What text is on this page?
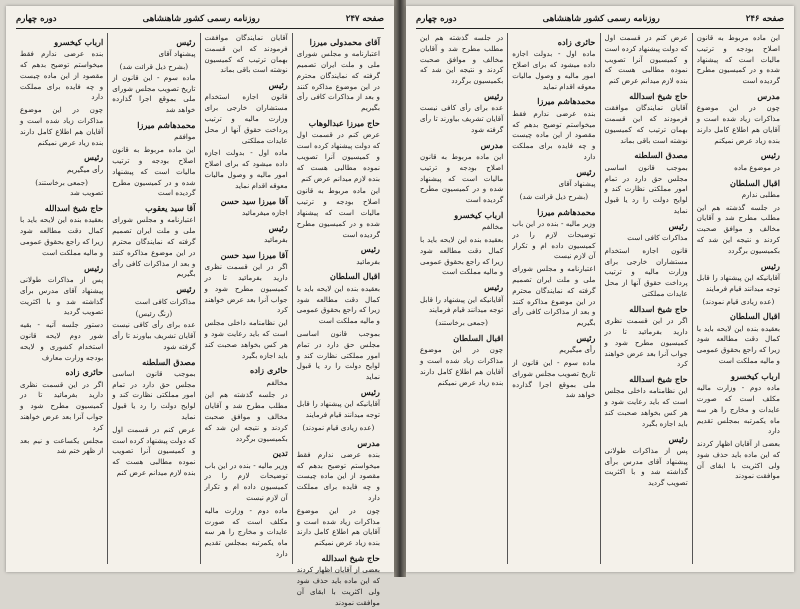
صفحه ۲۴۷
روزنامه رسمی کشور شاهنشاهی
دوره چهارم
آقای محمدولی میرزا

اعتبارنامه و مجلس شورای ملی و ملت ایران تصمیم گرفته که نمایندگان محترم در این موضوع مذاکره کنند و بعد از مذاکرات کافی رأی بگیریم

حاج میرزا عبدالوهاب

عرض کنم در قسمت اول که دولت پیشنهاد کرده است و کمیسیون آنرا تصویب نموده مطالبی هست که بنده لازم میدانم عرض کنم

این ماده مربوط به قانون اصلاح بودجه و ترتیب مالیات است که پیشنهاد شده و در کمیسیون مطرح گردیده است

رئیس

بفرمائید

اقبال السلطان

بعقیده بنده این لایحه باید با کمال دقت مطالعه شود زیرا که راجع بحقوق عمومی و مالیه مملکت است

بموجب قانون اساسی مجلس حق دارد در تمام امور مملکتی نظارت کند و لوایح دولت را رد یا قبول نماید

رئیس

آقایانیکه این پیشنهاد را قابل توجه میدانند قیام فرمایند

(عده زیادی قیام نمودند)
مدرس

بنده عرضی ندارم فقط میخواستم توضیح بدهم که مقصود از این ماده چیست و چه فایده برای مملکت دارد

چون در این موضوع مذاکرات زیاد شده است و آقایان هم اطلاع کامل دارند بنده زیاد عرض نمیکنم

حاج شیخ اسدالله

بعضی از آقایان اظهار کردند که این ماده باید حذف شود ولی اکثریت با ابقای آن موافقت نمودند

آقایان نمایندگان موافقت فرمودند که این قسمت بهمان ترتیب که کمیسیون نوشته است باقی بماند

رئیس

قانون اجازه استخدام مستشاران خارجی برای وزارت مالیه و ترتیب پرداخت حقوق آنها از محل عایدات مملکتی

ماده اول - بدولت اجازه داده میشود که برای اصلاح امور مالیه و وصول مالیات معوقه اقدام نماید

آقا میرزا سید حسن

اجازه میفرمائید

رئیس

بفرمائید

آقا میرزا سید حسن

اگر در این قسمت نظری دارید بفرمائید تا در کمیسیون مطرح شود و جواب آنرا بعد عرض خواهند کرد

این نظامنامه داخلی مجلس است که باید رعایت شود و هر کس بخواهد صحبت کند باید اجازه بگیرد

حائری زاده

مخالفم

در جلسه گذشته هم این مطلب مطرح شد و آقایان مخالف و موافق صحبت کردند و نتیجه این شد که بکمیسیون برگردد

تدین

وزیر مالیه - بنده در این باب توضیحات لازم را در کمیسیون داده ام و تکرار آن لازم نیست

ماده دوم - وزارت مالیه مکلف است که صورت عایدات و مخارج را هر سه ماه یکمرتبه بمجلس تقدیم دارد

رئیس

پیشنهاد آقای

(بشرح ذیل قرائت شد)

ماده سوم - این قانون از تاریخ تصویب مجلس شورای ملی بموقع اجرا گذارده خواهد شد

محمدهاشم میرزا

موافقم

این ماده مربوط به قانون اصلاح بودجه و ترتیب مالیات است که پیشنهاد شده و در کمیسیون مطرح گردیده است

آقا سید یعقوب

اعتبارنامه و مجلس شورای ملی و ملت ایران تصمیم گرفته که نمایندگان محترم در این موضوع مذاکره کنند و بعد از مذاکرات کافی رأی بگیریم

رئیس

مذاکرات کافی است

(زنگ رئیس)

عده برای رأی کافی نیست آقایان تشریف بیاورند تا رأی گرفته شود

مصدق السلطنه

بموجب قانون اساسی مجلس حق دارد در تمام امور مملکتی نظارت کند و لوایح دولت را رد یا قبول نماید

عرض کنم در قسمت اول که دولت پیشنهاد کرده است و کمیسیون آنرا تصویب نموده مطالبی هست که بنده لازم میدانم عرض کنم

ارباب کیخسرو

بنده عرضی ندارم فقط میخواستم توضیح بدهم که مقصود از این ماده چیست و چه فایده برای مملکت دارد

چون در این موضوع مذاکرات زیاد شده است و آقایان هم اطلاع کامل دارند بنده زیاد عرض نمیکنم

رئیس

رأی میگیریم

(جمعی برخاستند)

تصویب شد

حاج شیخ اسدالله

بعقیده بنده این لایحه باید با کمال دقت مطالعه شود زیرا که راجع بحقوق عمومی و مالیه مملکت است

رئیس

پس از مذاکرات طولانی پیشنهاد آقای مدرس برأی گذاشته شد و با اکثریت تصویب گردید

دستور جلسه آتیه - بقیه شور دوم لایحه قانون استخدام کشوری و لایحه بودجه وزارت معارف

حائری زاده

اگر در این قسمت نظری دارید بفرمائید تا در کمیسیون مطرح شود و جواب آنرا بعد عرض خواهند کرد

مجلس یکساعت و نیم بعد از ظهر ختم شد

صفحه ۲۴۶
روزنامه رسمی کشور شاهنشاهی
دوره چهارم

این ماده مربوط به قانون اصلاح بودجه و ترتیب مالیات است که پیشنهاد شده و در کمیسیون مطرح گردیده است

مدرس

چون در این موضوع مذاکرات زیاد شده است و آقایان هم اطلاع کامل دارند بنده زیاد عرض نمیکنم

رئیس

در موضوع ماده

اقبال السلطان

مطلبی ندارم

در جلسه گذشته هم این مطلب مطرح شد و آقایان مخالف و موافق صحبت کردند و نتیجه این شد که بکمیسیون برگردد

رئیس

آقایانیکه این پیشنهاد را قابل توجه میدانند قیام فرمایند

(عده زیادی قیام نمودند)
اقبال السلطان

بعقیده بنده این لایحه باید با کمال دقت مطالعه شود زیرا که راجع بحقوق عمومی و مالیه مملکت است

ارباب کیخسرو

ماده دوم - وزارت مالیه مکلف است که صورت عایدات و مخارج را هر سه ماه یکمرتبه بمجلس تقدیم دارد

بعضی از آقایان اظهار کردند که این ماده باید حذف شود ولی اکثریت با ابقای آن موافقت نمودند

عرض کنم در قسمت اول که دولت پیشنهاد کرده است و کمیسیون آنرا تصویب نموده مطالبی هست که بنده لازم میدانم عرض کنم

حاج شیخ اسدالله

آقایان نمایندگان موافقت فرمودند که این قسمت بهمان ترتیب که کمیسیون نوشته است باقی بماند

مصدق السلطنه

بموجب قانون اساسی مجلس حق دارد در تمام امور مملکتی نظارت کند و لوایح دولت را رد یا قبول نماید

رئیس

مذاکرات کافی است

قانون اجازه استخدام مستشاران خارجی برای وزارت مالیه و ترتیب پرداخت حقوق آنها از محل عایدات مملکتی

حاج شیخ اسدالله

اگر در این قسمت نظری دارید بفرمائید تا در کمیسیون مطرح شود و جواب آنرا بعد عرض خواهند کرد

حاج شیخ اسدالله

این نظامنامه داخلی مجلس است که باید رعایت شود و هر کس بخواهد صحبت کند باید اجازه بگیرد

رئیس

پس از مذاکرات طولانی پیشنهاد آقای مدرس برأی گذاشته شد و با اکثریت تصویب گردید

حائری زاده

ماده اول - بدولت اجازه داده میشود که برای اصلاح امور مالیه و وصول مالیات معوقه اقدام نماید

محمدهاشم میرزا

بنده عرضی ندارم فقط میخواستم توضیح بدهم که مقصود از این ماده چیست و چه فایده برای مملکت دارد

رئیس

پیشنهاد آقای

(بشرح ذیل قرائت شد)
محمدهاشم میرزا

وزیر مالیه - بنده در این باب توضیحات لازم را در کمیسیون داده ام و تکرار آن لازم نیست

اعتبارنامه و مجلس شورای ملی و ملت ایران تصمیم گرفته که نمایندگان محترم در این موضوع مذاکره کنند و بعد از مذاکرات کافی رأی بگیریم

رئیس

رأی میگیریم

ماده سوم - این قانون از تاریخ تصویب مجلس شورای ملی بموقع اجرا گذارده خواهد شد

در جلسه گذشته هم این مطلب مطرح شد و آقایان مخالف و موافق صحبت کردند و نتیجه این شد که بکمیسیون برگردد

رئیس

عده برای رأی کافی نیست آقایان تشریف بیاورند تا رأی گرفته شود

مدرس

این ماده مربوط به قانون اصلاح بودجه و ترتیب مالیات است که پیشنهاد شده و در کمیسیون مطرح گردیده است

ارباب کیخسرو

مخالفم

بعقیده بنده این لایحه باید با کمال دقت مطالعه شود زیرا که راجع بحقوق عمومی و مالیه مملکت است

رئیس

آقایانیکه این پیشنهاد را قابل توجه میدانند قیام فرمایند

(جمعی برخاستند)
اقبال السلطان

چون در این موضوع مذاکرات زیاد شده است و آقایان هم اطلاع کامل دارند بنده زیاد عرض نمیکنم
